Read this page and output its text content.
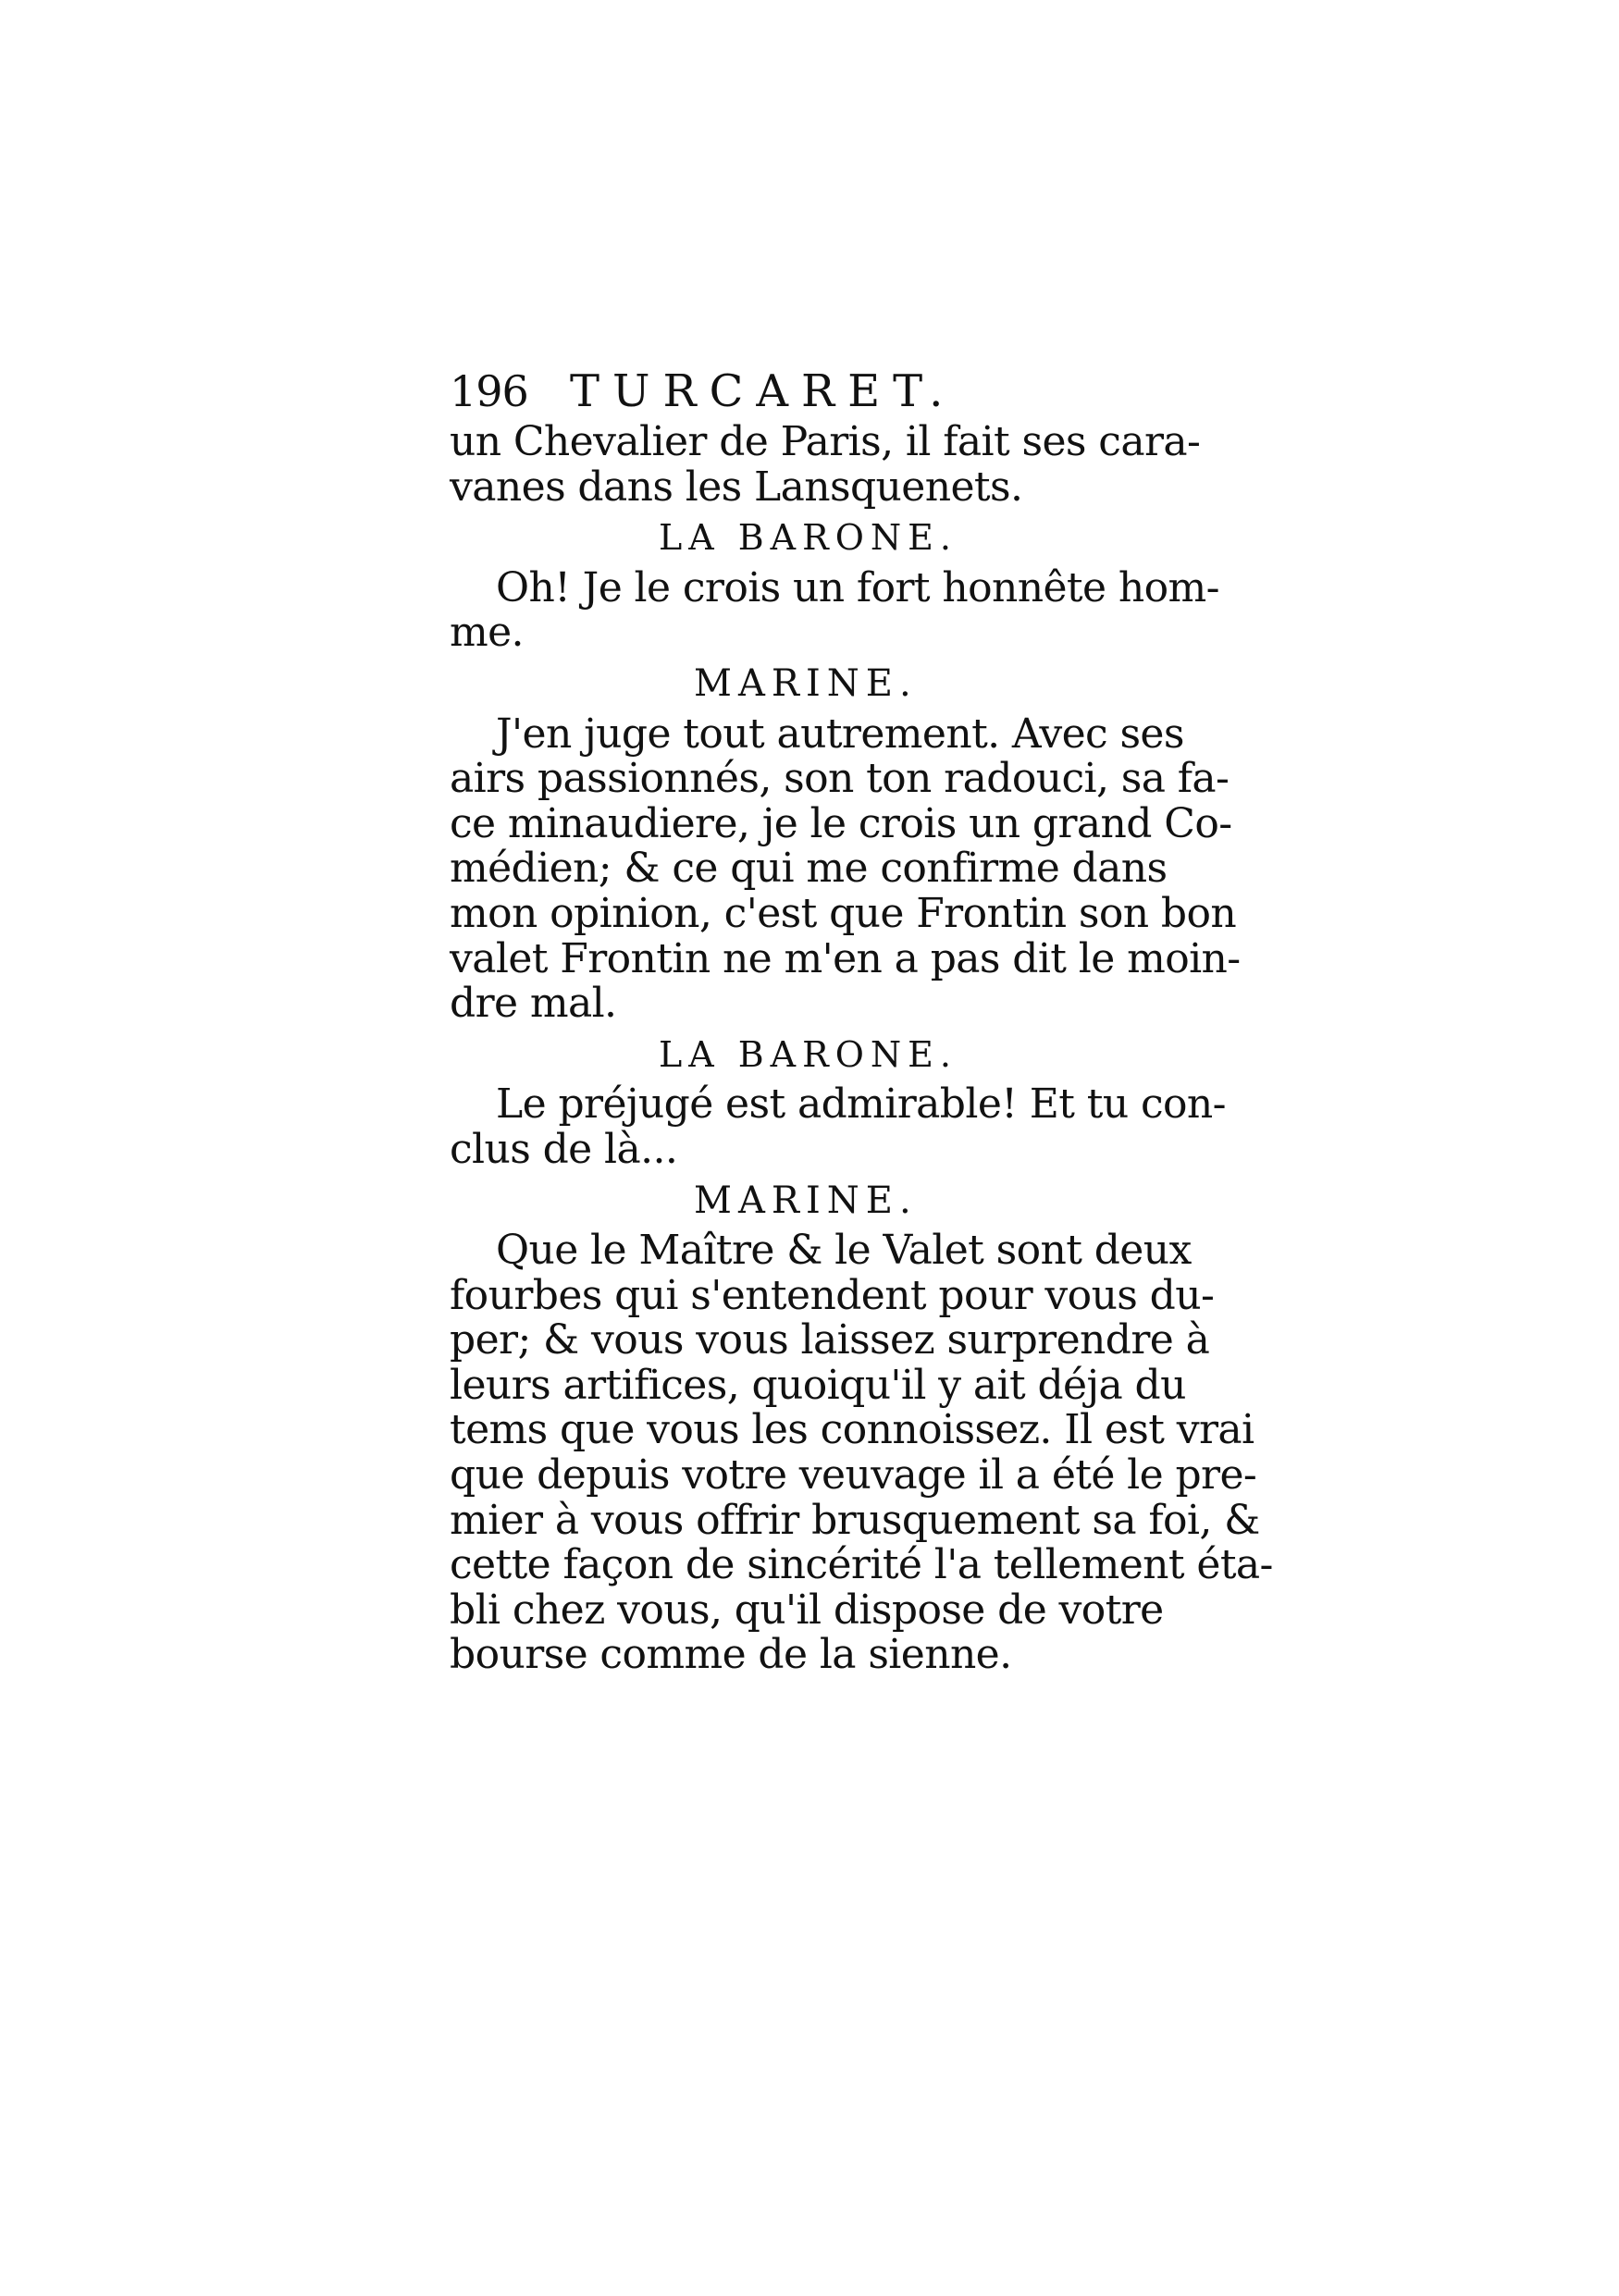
196 TURCARET.
un Chevalier de Paris, il fait ses cara-
vanes dans les Lansquenets.
LA BARONE.
Oh! Je le crois un fort honnête hom-
me.
MARINE.
J'en juge tout autrement. Avec ses
airs passionnés, son ton radouci, sa fa-
ce minaudiere, je le crois un grand Co-
médien; & ce qui me confirme dans
mon opinion, c'est que Frontin son bon
valet Frontin ne m'en a pas dit le moin-
dre mal.
LA BARONE.
Le préjugé est admirable! Et tu con-
clus de là...
MARINE.
Que le Maître & le Valet sont deux
fourbes qui s'entendent pour vous du-
per; & vous vous laissez surprendre à
leurs artifices, quoiqu'il y ait déja du
tems que vous les connoissez. Il est vrai
que depuis votre veuvage il a été le pre-
mier à vous offrir brusquement sa foi, &
cette façon de sincérité l'a tellement éta-
bli chez vous, qu'il dispose de votre
bourse comme de la sienne.
